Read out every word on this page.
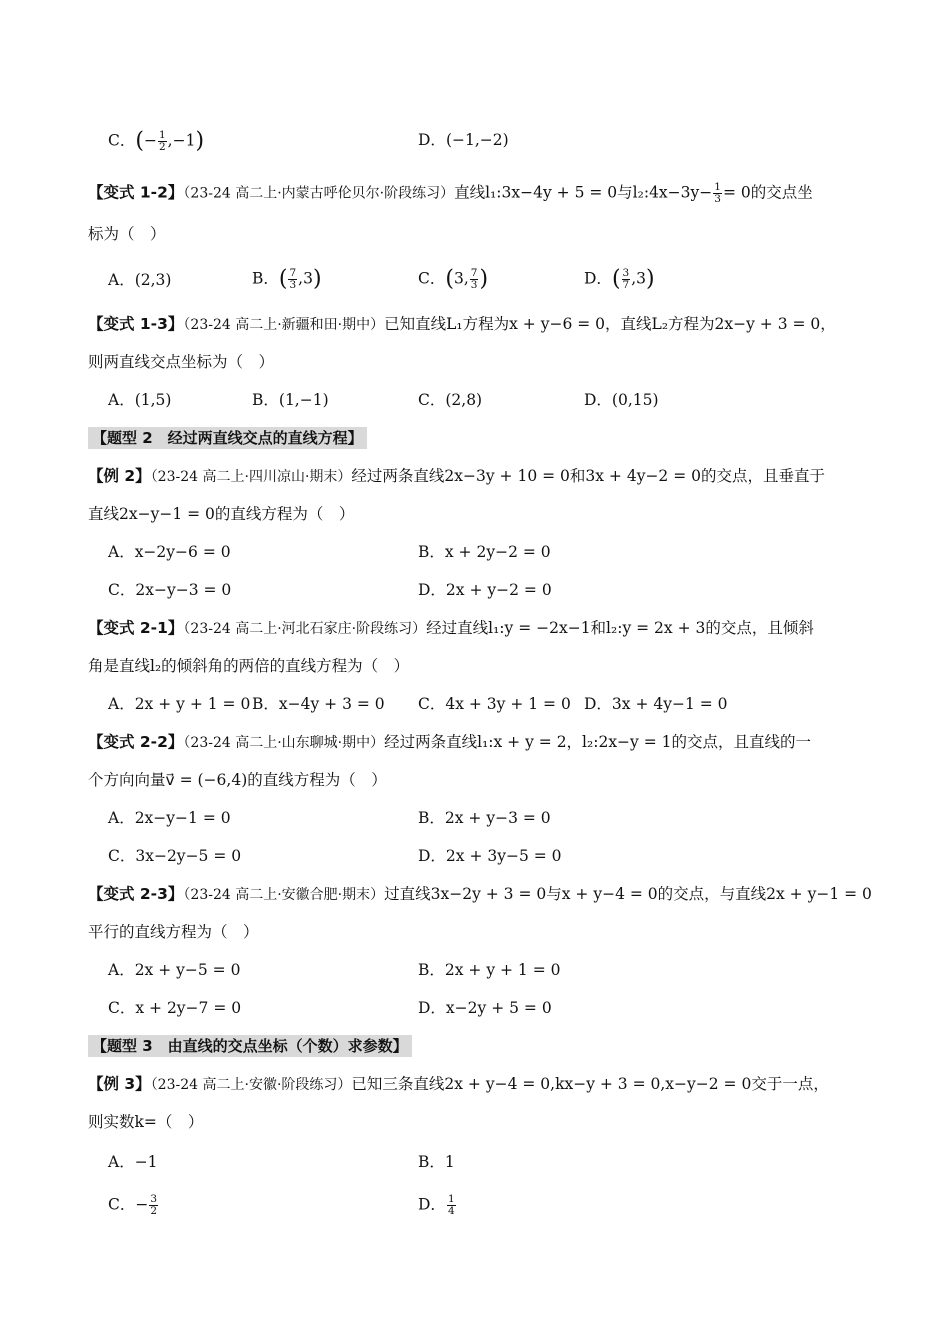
C．(− $\frac{1}{2} ,-1$)	D．(−1,−2)
【变式 1-2】（23-24 高二上·内蒙古呼伦贝尔·阶段练习）直线l₁:3x−4y + 5 = 0与l₂:4x−3y− $\frac{1}{3} = 0$的交点坐
标为（　）
A．(2,3)	B．( $\frac{7}{3} ,3$)	C．(3, $\frac{7}{3}$ )	D．( $\frac{3}{7} ,3$)
【变式 1-3】（23-24 高二上·新疆和田·期中）已知直线L₁方程为x + y−6 = 0，直线L₂方程为2x−y + 3 = 0，
则两直线交点坐标为（　）
A．(1,5)	B．(1,−1)	C．(2,8)	D．(0,15)
【题型 2　经过两直线交点的直线方程】
【例 2】（23-24 高二上·四川凉山·期末）经过两条直线2x−3y + 10 = 0和3x + 4y−2 = 0的交点，且垂直于
直线2x−y−1 = 0的直线方程为（　）
A．x−2y−6 = 0	B．x + 2y−2 = 0
C．2x−y−3 = 0	D．2x + y−2 = 0
【变式 2-1】（23-24 高二上·河北石家庄·阶段练习）经过直线l₁:y = −2x−1和l₂:y = 2x + 3的交点，且倾斜
角是直线l₂的倾斜角的两倍的直线方程为（　）
A．2x + y + 1 = 0 B．x−4y + 3 = 0 C．4x + 3y + 1 = 0 D．3x + 4y−1 = 0
【变式 2-2】（23-24 高二上·山东聊城·期中）经过两条直线l₁:x + y = 2，l₂:2x−y = 1的交点，且直线的一
个方向向量v⃗ = (−6,4)的直线方程为（　）
A．2x−y−1 = 0	B．2x + y−3 = 0
C．3x−2y−5 = 0	D．2x + 3y−5 = 0
【变式 2-3】（23-24 高二上·安徽合肥·期末）过直线3x−2y + 3 = 0与x + y−4 = 0的交点，与直线2x + y−1 = 0
平行的直线方程为（　）
A．2x + y−5 = 0	B．2x + y + 1 = 0
C．x + 2y−7 = 0	D．x−2y + 5 = 0
【题型 3　由直线的交点坐标（个数）求参数】
【例 3】（23-24 高二上·安徽·阶段练习）已知三条直线2x + y−4 = 0,kx−y + 3 = 0,x−y−2 = 0交于一点，
则实数k=（　）
A．−1	B．1
C．− $\frac{3}{2}$	D． $\frac{1}{4}$
